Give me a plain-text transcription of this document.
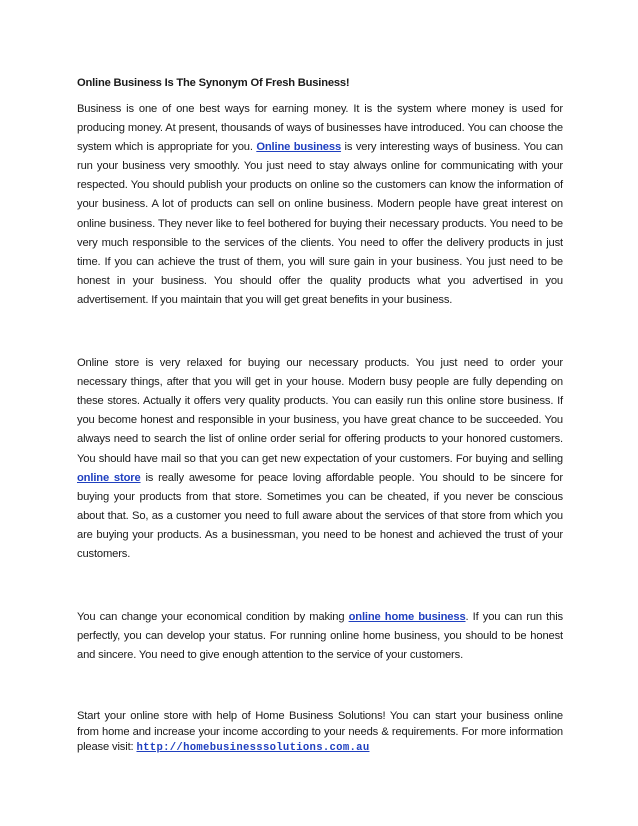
Online Business Is The Synonym Of Fresh Business!

Business is one of one best ways for earning money. It is the system where money is used for producing money. At present, thousands of ways of businesses have introduced. You can choose the system which is appropriate for you. Online business is very interesting ways of business. You can run your business very smoothly. You just need to stay always online for communicating with your respected. You should publish your products on online so the customers can know the information of your business. A lot of products can sell on online business. Modern people have great interest on online business. They never like to feel bothered for buying their necessary products. You need to be very much responsible to the services of the clients. You need to offer the delivery products in just time. If you can achieve the trust of them, you will sure gain in your business. You just need to be honest in your business. You should offer the quality products what you advertised in you advertisement. If you maintain that you will get great benefits in your business.

Online store is very relaxed for buying our necessary products. You just need to order your necessary things, after that you will get in your house. Modern busy people are fully depending on these stores. Actually it offers very quality products. You can easily run this online store business. If you become honest and responsible in your business, you have great chance to be succeeded. You always need to search the list of online order serial for offering products to your honored customers. You should have mail so that you can get new expectation of your customers. For buying and selling online store is really awesome for peace loving affordable people. You should to be sincere for buying your products from that store. Sometimes you can be cheated, if you never be conscious about that. So, as a customer you need to full aware about the services of that store from which you are buying your products. As a businessman, you need to be honest and achieved the trust of your customers.

You can change your economical condition by making online home business. If you can run this perfectly, you can develop your status. For running online home business, you should to be honest and sincere. You need to give enough attention to the service of your customers.

Start your online store with help of Home Business Solutions! You can start your business online from home and increase your income according to your needs & requirements. For more information please visit: http://homebusinesssolutions.com.au
